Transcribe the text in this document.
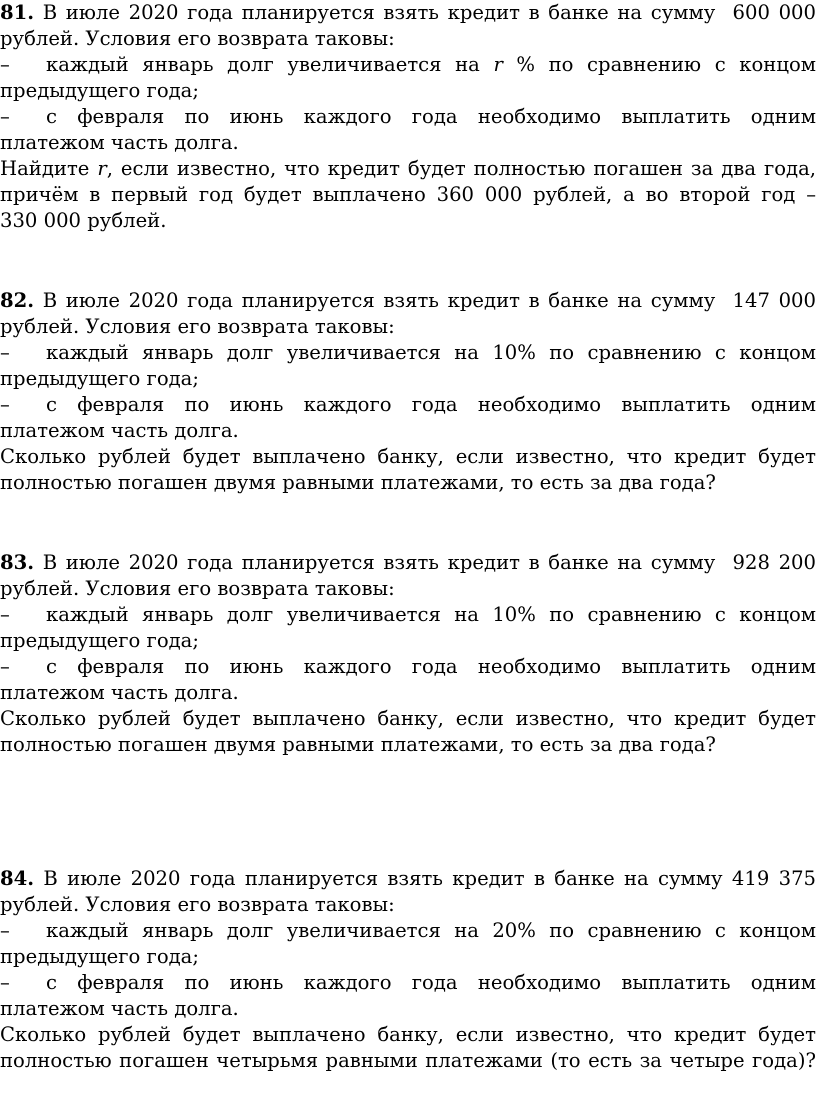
81. В июле 2020 года планируется взять кредит в банке на сумму 600 000
рублей. Условия его возврата таковы:
–	каждый январь долг увеличивается на r % по сравнению с концом
предыдущего года;
–	с февраля по июнь каждого года необходимо выплатить одним
платежом часть долга.
Найдите r, если известно, что кредит будет полностью погашен за два года,
причём в первый год будет выплачено 360 000 рублей, а во второй год –
330 000 рублей.
82. В июле 2020 года планируется взять кредит в банке на сумму 147 000
рублей. Условия его возврата таковы:
–	каждый январь долг увеличивается на 10% по сравнению с концом
предыдущего года;
–	с февраля по июнь каждого года необходимо выплатить одним
платежом часть долга.
Сколько рублей будет выплачено банку, если известно, что кредит будет
полностью погашен двумя равными платежами, то есть за два года?
83. В июле 2020 года планируется взять кредит в банке на сумму 928 200
рублей. Условия его возврата таковы:
–	каждый январь долг увеличивается на 10% по сравнению с концом
предыдущего года;
–	с февраля по июнь каждого года необходимо выплатить одним
платежом часть долга.
Сколько рублей будет выплачено банку, если известно, что кредит будет
полностью погашен двумя равными платежами, то есть за два года?
84. В июле 2020 года планируется взять кредит в банке на сумму 419 375
рублей. Условия его возврата таковы:
–	каждый январь долг увеличивается на 20% по сравнению с концом
предыдущего года;
–	с февраля по июнь каждого года необходимо выплатить одним
платежом часть долга.
Сколько рублей будет выплачено банку, если известно, что кредит будет
полностью погашен четырьмя равными платежами (то есть за четыре года)?
